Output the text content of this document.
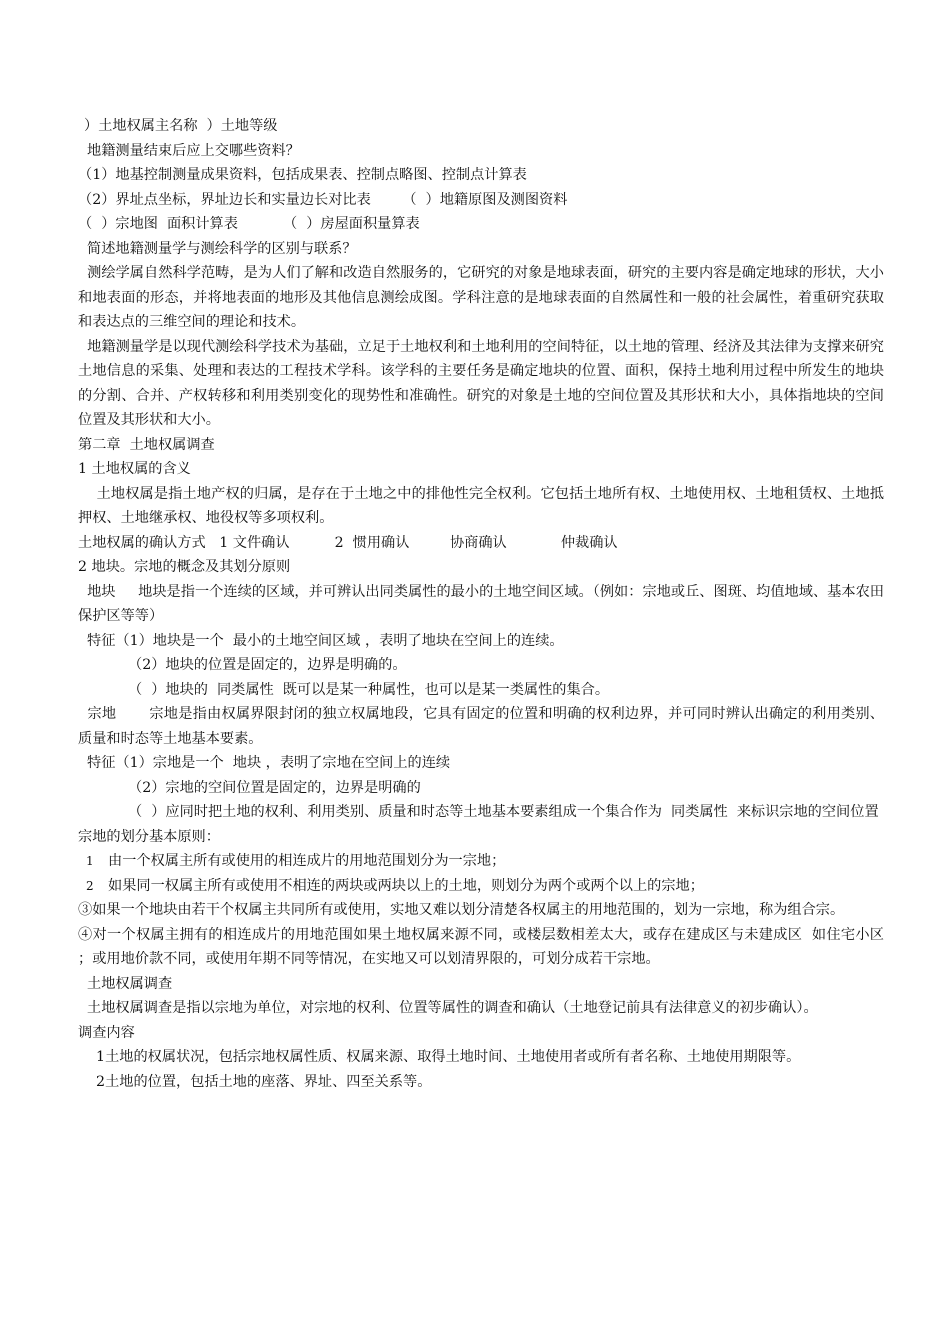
）土地权属主名称  ）土地等级

地籍测量结束后应上交哪些资料？

（1）地基控制测量成果资料，包括成果表、控制点略图、控制点计算表

（2）界址点坐标，界址边长和实量边长对比表       （  ）地籍原图及测图资料

（  ）宗地图  面积计算表          （  ）房屋面积量算表

简述地籍测量学与测绘科学的区别与联系？

测绘学属自然科学范畴，是为人们了解和改造自然服务的，它研究的对象是地球表面，研究的主要内容是确定地球的形状，大小和地表面的形态，并将地表面的地形及其他信息测绘成图。学科注意的是地球表面的自然属性和一般的社会属性，着重研究获取和表达点的三维空间的理论和技术。

地籍测量学是以现代测绘科学技术为基础，立足于土地权利和土地利用的空间特征，以土地的管理、经济及其法律为支撑来研究土地信息的采集、处理和表达的工程技术学科。该学科的主要任务是确定地块的位置、面积，保持土地利用过程中所发生的地块的分割、合并、产权转移和利用类别变化的现势性和准确性。研究的对象是土地的空间位置及其形状和大小，具体指地块的空间位置及其形状和大小。

第二章  土地权属调查

1 土地权属的含义

土地权属是指土地产权的归属，是存在于土地之中的排他性完全权利。它包括土地所有权、土地使用权、土地租赁权、土地抵押权、土地继承权、地役权等多项权利。

土地权属的确认方式   1 文件确认          2  惯用确认         协商确认            仲裁确认

2 地块。宗地的概念及其划分原则

地块     地块是指一个连续的区域，并可辨认出同类属性的最小的土地空间区域。（例如：宗地或丘、图斑、均值地域、基本农田保护区等等）

特征（1）地块是一个  最小的土地空间区域 ，表明了地块在空间上的连续。

（2）地块的位置是固定的，边界是明确的。

（  ）地块的  同类属性  既可以是某一种属性，也可以是某一类属性的集合。

宗地       宗地是指由权属界限封闭的独立权属地段，它具有固定的位置和明确的权利边界，并可同时辨认出确定的利用类别、质量和时态等土地基本要素。

特征（1）宗地是一个  地块 ，表明了宗地在空间上的连续

（2）宗地的空间位置是固定的，边界是明确的

（  ）应同时把土地的权利、利用类别、质量和时态等土地基本要素组成一个集合作为  同类属性  来标识宗地的空间位置

宗地的划分基本原则：

1	由一个权属主所有或使用的相连成片的用地范围划分为一宗地；
2	如果同一权属主所有或使用不相连的两块或两块以上的土地，则划分为两个或两个以上的宗地；

③如果一个地块由若干个权属主共同所有或使用，实地又难以划分清楚各权属主的用地范围的，划为一宗地，称为组合宗。

④对一个权属主拥有的相连成片的用地范围如果土地权属来源不同，或楼层数相差太大，或存在建成区与未建成区  如住宅小区 ；或用地价款不同，或使用年期不同等情况，在实地又可以划清界限的，可划分成若干宗地。

土地权属调查

土地权属调查是指以宗地为单位，对宗地的权利、位置等属性的调查和确认（土地登记前具有法律意义的初步确认）。

调查内容

1土地的权属状况，包括宗地权属性质、权属来源、取得土地时间、土地使用者或所有者名称、土地使用期限等。

2土地的位置，包括土地的座落、界址、四至关系等。
